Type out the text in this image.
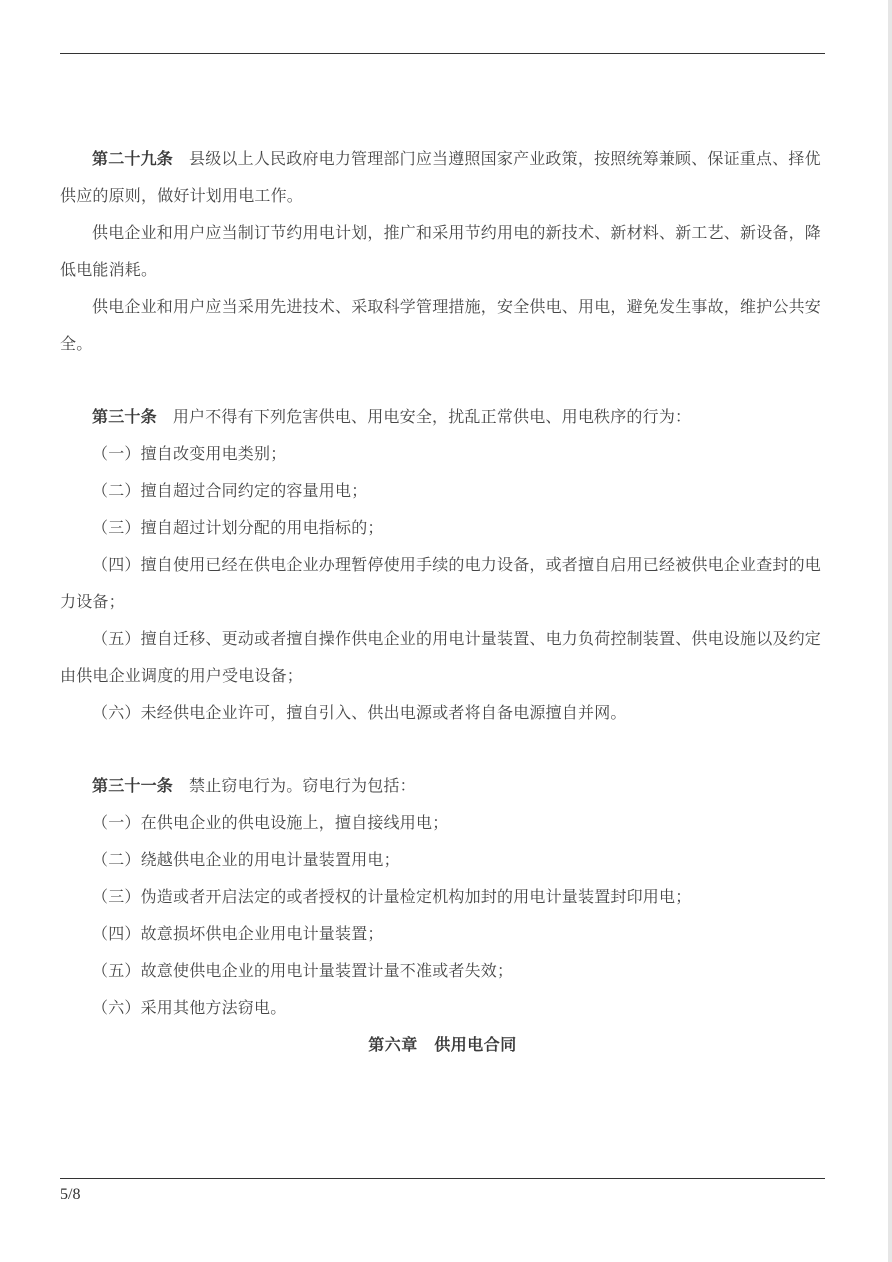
第二十九条 县级以上人民政府电力管理部门应当遵照国家产业政策，按照统筹兼顾、保证重点、择优供应的原则，做好计划用电工作。

供电企业和用户应当制订节约用电计划，推广和采用节约用电的新技术、新材料、新工艺、新设备，降低电能消耗。

供电企业和用户应当采用先进技术、采取科学管理措施，安全供电、用电，避免发生事故，维护公共安全。

第三十条 用户不得有下列危害供电、用电安全，扰乱正常供电、用电秩序的行为：

（一）擅自改变用电类别；

（二）擅自超过合同约定的容量用电；

（三）擅自超过计划分配的用电指标的；

（四）擅自使用已经在供电企业办理暂停使用手续的电力设备，或者擅自启用已经被供电企业查封的电力设备；

（五）擅自迁移、更动或者擅自操作供电企业的用电计量装置、电力负荷控制装置、供电设施以及约定由供电企业调度的用户受电设备；

（六）未经供电企业许可，擅自引入、供出电源或者将自备电源擅自并网。

第三十一条 禁止窃电行为。窃电行为包括：

（一）在供电企业的供电设施上，擅自接线用电；

（二）绕越供电企业的用电计量装置用电；

（三）伪造或者开启法定的或者授权的计量检定机构加封的用电计量装置封印用电；

（四）故意损坏供电企业用电计量装置；

（五）故意使供电企业的用电计量装置计量不准或者失效；

（六）采用其他方法窃电。

第六章　供用电合同

5/8
